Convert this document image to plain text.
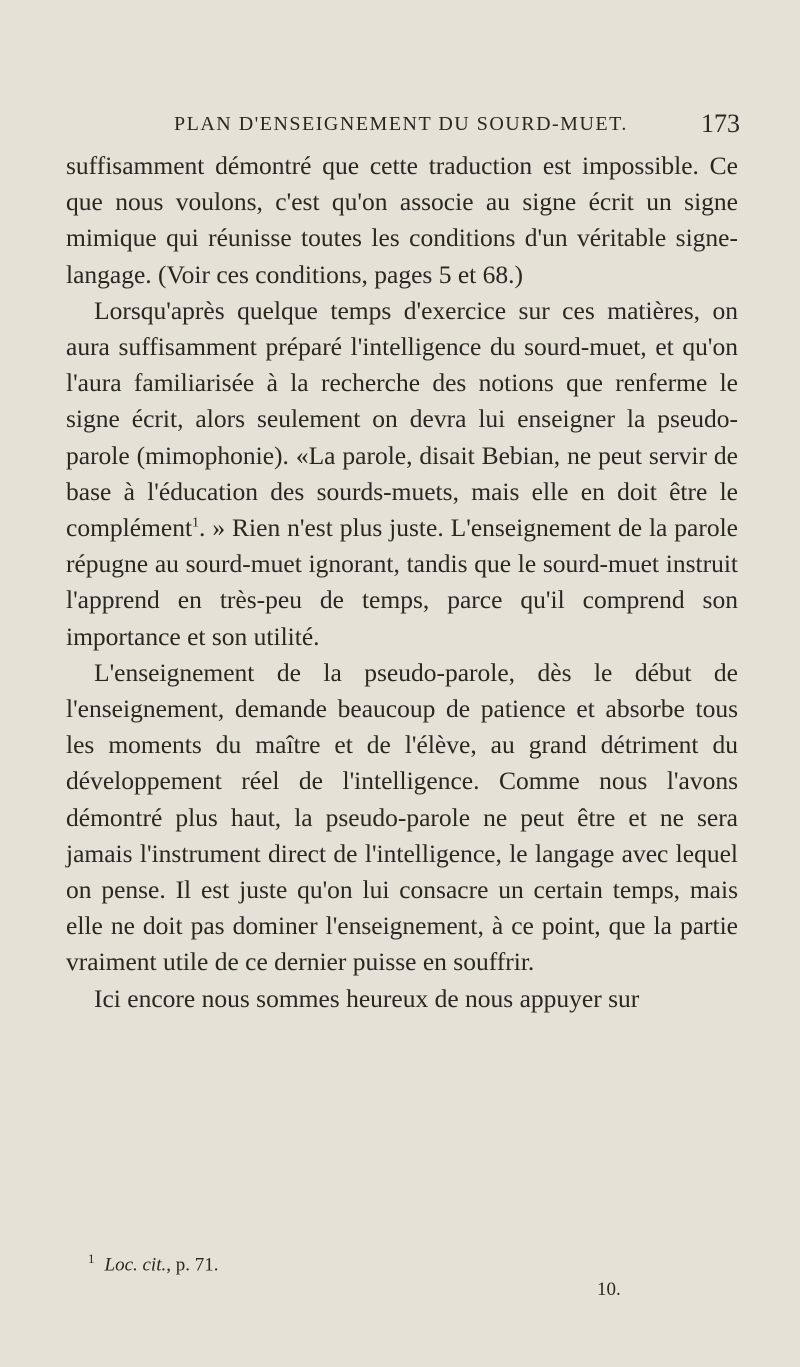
PLAN D'ENSEIGNEMENT DU SOURD-MUET.	173

suffisamment démontré que cette traduction est impossible. Ce que nous voulons, c'est qu'on associe au signe écrit un signe mimique qui réunisse toutes les conditions d'un véritable signe-langage. (Voir ces conditions, pages 5 et 68.)

Lorsqu'après quelque temps d'exercice sur ces matières, on aura suffisamment préparé l'intelligence du sourd-muet, et qu'on l'aura familiarisée à la recherche des notions que renferme le signe écrit, alors seulement on devra lui enseigner la pseudo-parole (mimophonie). «La parole, disait Bebian, ne peut servir de base à l'éducation des sourds-muets, mais elle en doit être le complément$^1$. » Rien n'est plus juste. L'enseignement de la parole répugne au sourd-muet ignorant, tandis que le sourd-muet instruit l'apprend en très-peu de temps, parce qu'il comprend son importance et son utilité.

L'enseignement de la pseudo-parole, dès le début de l'enseignement, demande beaucoup de patience et absorbe tous les moments du maître et de l'élève, au grand détriment du développement réel de l'intelligence. Comme nous l'avons démontré plus haut, la pseudo-parole ne peut être et ne sera jamais l'instrument direct de l'intelligence, le langage avec lequel on pense. Il est juste qu'on lui consacre un certain temps, mais elle ne doit pas dominer l'enseignement, à ce point, que la partie vraiment utile de ce dernier puisse en souffrir.

Ici encore nous sommes heureux de nous appuyer sur

$^1$ Loc. cit., p. 71.
10.
